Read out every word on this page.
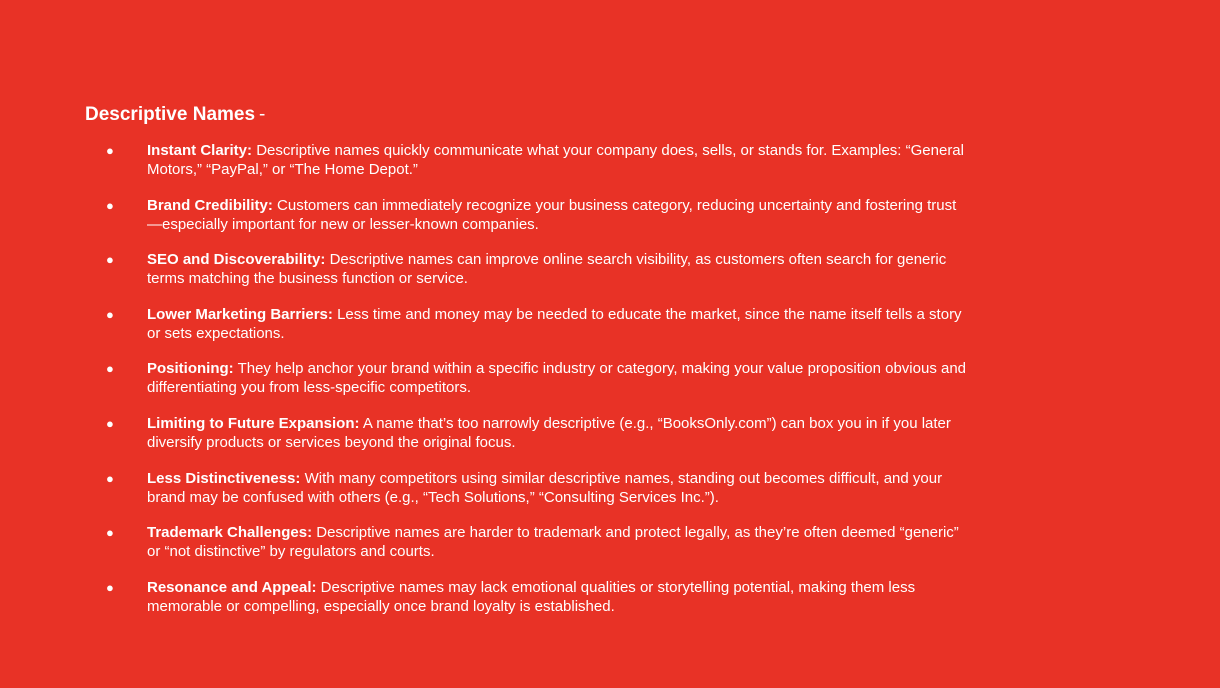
Descriptive Names -
● Instant Clarity: Descriptive names quickly communicate what your company does, sells, or stands for. Examples: “General Motors,” “PayPal,” or “The Home Depot.”
● Brand Credibility: Customers can immediately recognize your business category, reducing uncertainty and fostering trust—especially important for new or lesser-known companies.
● SEO and Discoverability: Descriptive names can improve online search visibility, as customers often search for generic terms matching the business function or service.
● Lower Marketing Barriers: Less time and money may be needed to educate the market, since the name itself tells a story or sets expectations.
● Positioning: They help anchor your brand within a specific industry or category, making your value proposition obvious and differentiating you from less-specific competitors.
● Limiting to Future Expansion: A name that’s too narrowly descriptive (e.g., “BooksOnly.com”) can box you in if you later diversify products or services beyond the original focus.
● Less Distinctiveness: With many competitors using similar descriptive names, standing out becomes difficult, and your brand may be confused with others (e.g., “Tech Solutions,” “Consulting Services Inc.”).
● Trademark Challenges: Descriptive names are harder to trademark and protect legally, as they’re often deemed “generic” or “not distinctive” by regulators and courts.
● Resonance and Appeal: Descriptive names may lack emotional qualities or storytelling potential, making them less memorable or compelling, especially once brand loyalty is established.
